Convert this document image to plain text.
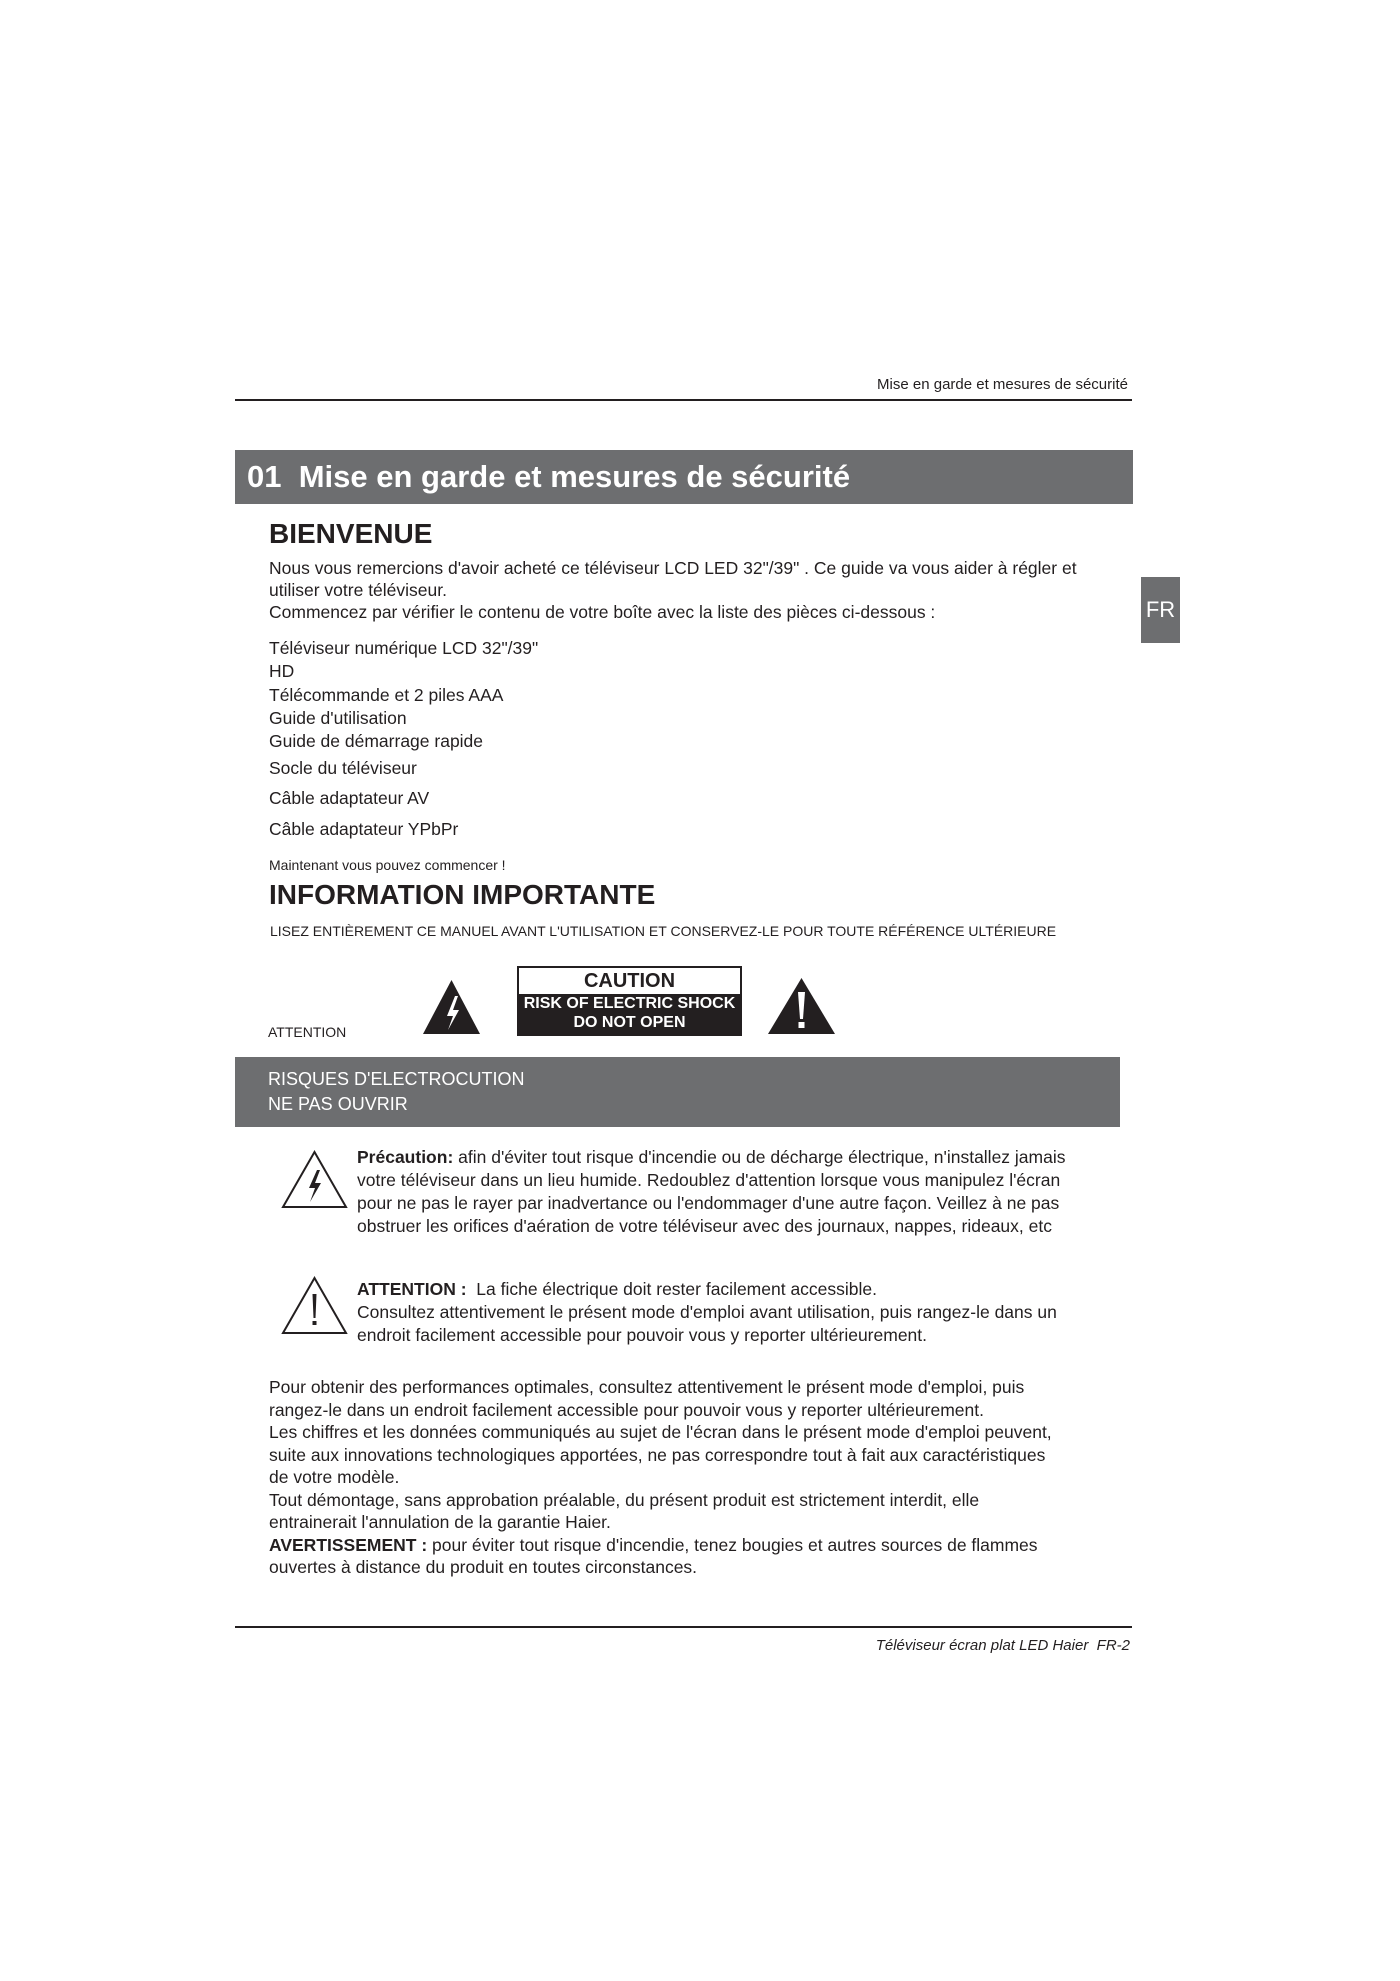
Mise en garde et mesures de sécurité
01 Mise en garde et mesures de sécurité
FR
BIENVENUE
Nous vous remercions d'avoir acheté ce téléviseur LCD LED 32"/39" . Ce guide va vous aider à régler et utiliser votre téléviseur.
Commencez par vérifier le contenu de votre boîte avec la liste des pièces ci-dessous :
Téléviseur numérique LCD 32"/39"
HD
Télécommande et 2 piles AAA
Guide d'utilisation
Guide de démarrage rapide
Socle du téléviseur
Câble adaptateur AV
Câble adaptateur YPbPr
Maintenant vous pouvez commencer !
INFORMATION IMPORTANTE
LISEZ ENTIÈREMENT CE MANUEL AVANT L'UTILISATION ET CONSERVEZ-LE POUR TOUTE RÉFÉRENCE ULTÉRIEURE
ATTENTION
CAUTION
RISK OF ELECTRIC SHOCK
DO NOT OPEN
RISQUES D'ELECTROCUTION
NE PAS OUVRIR
Précaution: afin d'éviter tout risque d'incendie ou de décharge électrique, n'installez jamais votre téléviseur dans un lieu humide. Redoublez d'attention lorsque vous manipulez l'écran pour ne pas le rayer par inadvertance ou l'endommager d'une autre façon. Veillez à ne pas obstruer les orifices d'aération de votre téléviseur avec des journaux, nappes, rideaux, etc
ATTENTION : La fiche électrique doit rester facilement accessible.
Consultez attentivement le présent mode d'emploi avant utilisation, puis rangez-le dans un endroit facilement accessible pour pouvoir vous y reporter ultérieurement.
Pour obtenir des performances optimales, consultez attentivement le présent mode d'emploi, puis rangez-le dans un endroit facilement accessible pour pouvoir vous y reporter ultérieurement.
Les chiffres et les données communiqués au sujet de l'écran dans le présent mode d'emploi peuvent, suite aux innovations technologiques apportées, ne pas correspondre tout à fait aux caractéristiques de votre modèle.
Tout démontage, sans approbation préalable, du présent produit est strictement interdit, elle entrainerait l'annulation de la garantie Haier.
AVERTISSEMENT : pour éviter tout risque d'incendie, tenez bougies et autres sources de flammes ouvertes à distance du produit en toutes circonstances.
Téléviseur écran plat LED Haier FR-2
